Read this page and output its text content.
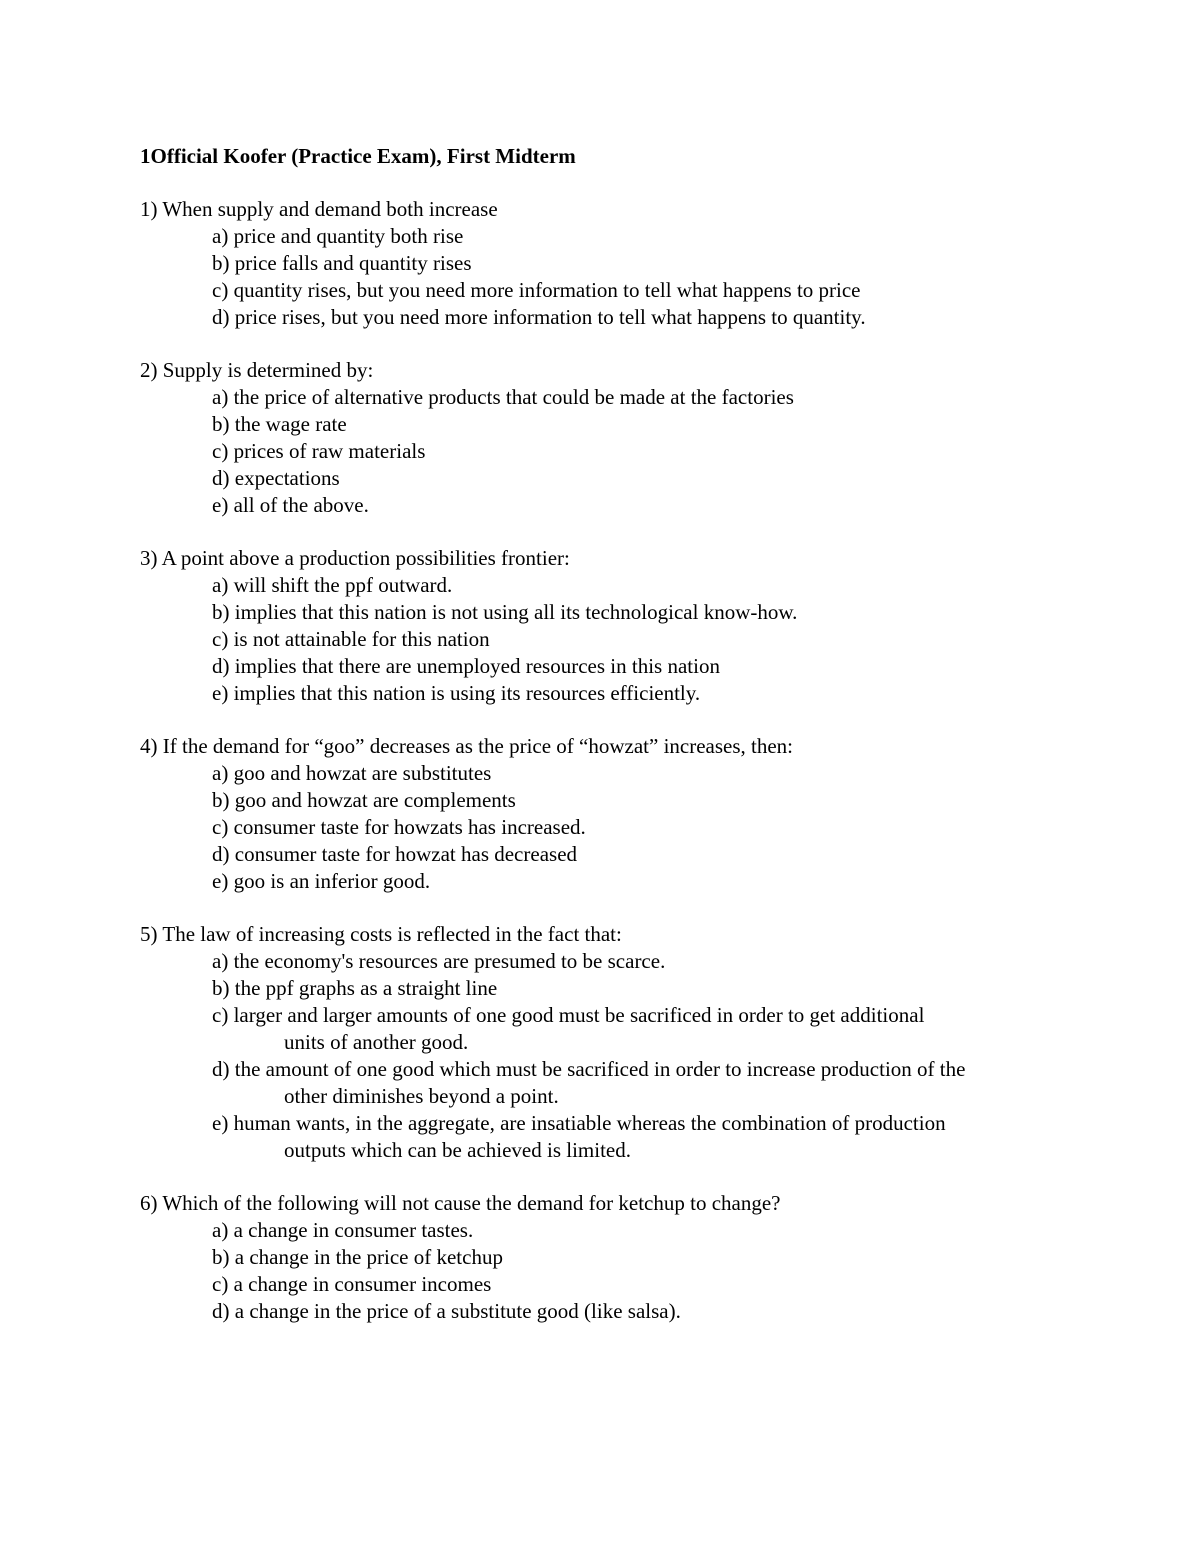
1Official Koofer (Practice Exam), First Midterm
1) When supply and demand both increase
a) price and quantity both rise
b) price falls and quantity rises
c) quantity rises, but you need more information to tell what happens to price
d) price rises, but you need more information to tell what happens to quantity.
2) Supply is determined by:
a) the price of alternative products that could be made at the factories
b) the wage rate
c) prices of raw materials
d) expectations
e) all of the above.
3) A point above a production possibilities frontier:
a) will shift the ppf outward.
b) implies that this nation is not using all its technological know-how.
c) is not attainable for this nation
d) implies that there are unemployed resources in this nation
e) implies that this nation is using its resources efficiently.
4) If the demand for “goo” decreases as the price of “howzat” increases, then:
a) goo and howzat are substitutes
b) goo and howzat are complements
c) consumer taste for howzats has increased.
d) consumer taste for howzat has decreased
e) goo is an inferior good.
5) The law of increasing costs is reflected in the fact that:
a) the economy's resources are presumed to be scarce.
b) the ppf graphs as a straight line
c) larger and larger amounts of one good must be sacrificed in order to get additional
units of another good.
d) the amount of one good which must be sacrificed in order to increase production of the
other diminishes beyond a point.
e) human wants, in the aggregate, are insatiable whereas the combination of production
outputs which can be achieved is limited.
6) Which of the following will not cause the demand for ketchup to change?
a) a change in consumer tastes.
b) a change in the price of ketchup
c) a change in consumer incomes
d) a change in the price of a substitute good (like salsa).
